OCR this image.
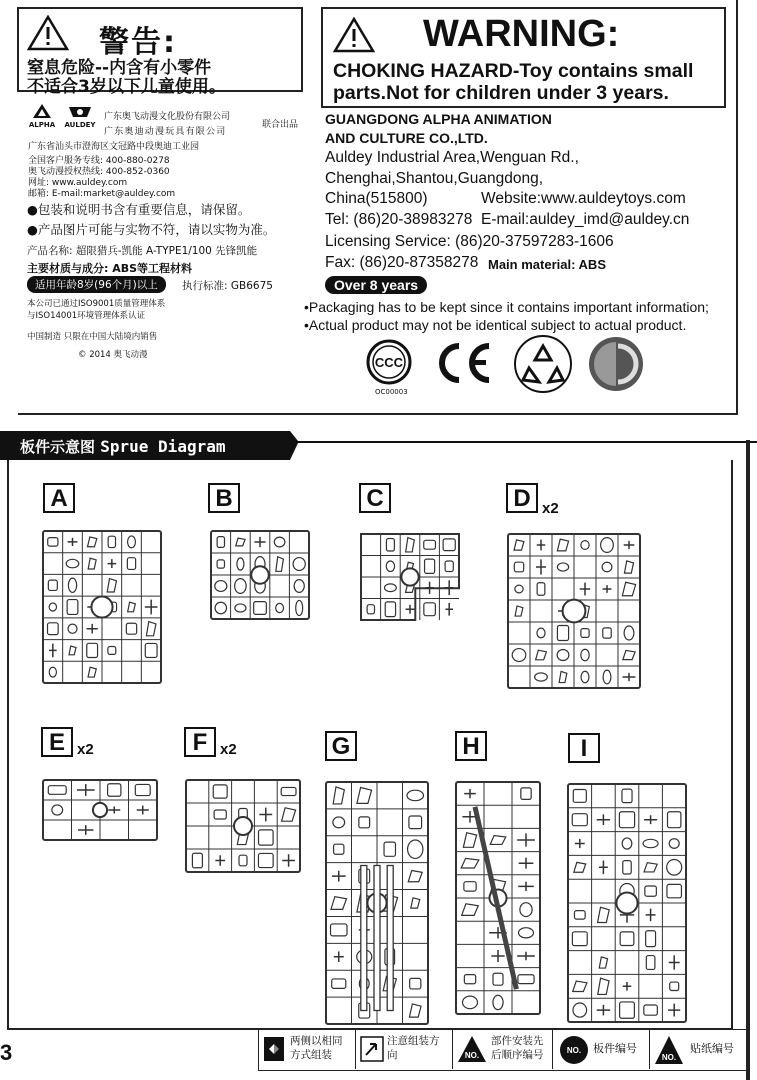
警告:
窒息危险--内含有小零件
不适合3岁以下儿童使用。
WARNING:
CHOKING HAZARD-Toy contains small
parts.Not for children under 3 years.
ALPHA	AULDEY
广东奥飞动漫文化股份有限公司
广东奥迪动漫玩具有限公司
联合出品
广东省汕头市澄海区文冠路中段奥迪工业园
全国客户服务专线: 400-880-0278
奥飞动漫授权热线: 400-852-0360
网址: www.auldey.com
邮箱: E-mail:market@auldey.com
●包装和说明书含有重要信息，请保留。
●产品图片可能与实物不符，请以实物为准。
产品名称: 超限猎兵-凯能 A-TYPE1/100 先锋凯能
主要材质与成分: ABS等工程材料
适用年龄8岁(96个月)以上	执行标准: GB6675
本公司已通过ISO9001质量管理体系
与ISO14001环境管理体系认证
中国制造 只限在中国大陆境内销售
© 2014 奥飞动漫
GUANGDONG ALPHA ANIMATION
AND CULTURE CO.,LTD.
Auldey Industrial Area,Wenguan Rd.,
Chenghai,Shantou,Guangdong,
China(515800)	Website:www.auldeytoys.com
Tel: (86)20-38983278 E-mail:auldey_imd@auldey.cn
Licensing Service: (86)20-37597283-1606
Fax: (86)20-87358278 Main material: ABS
Over 8 years
•Packaging has to be kept since it contains important information;
•Actual product may not be identical subject to actual product.
CCC
OC00003
板件示意图 Sprue Diagram
A	B	C	D x2
E x2	F x2	G	H	I
3	两侧以相同
方式组装
注意组装方
向	NO.
部件安装先
后顺序编号	NO. 板件编号
NO.
贴纸编号
